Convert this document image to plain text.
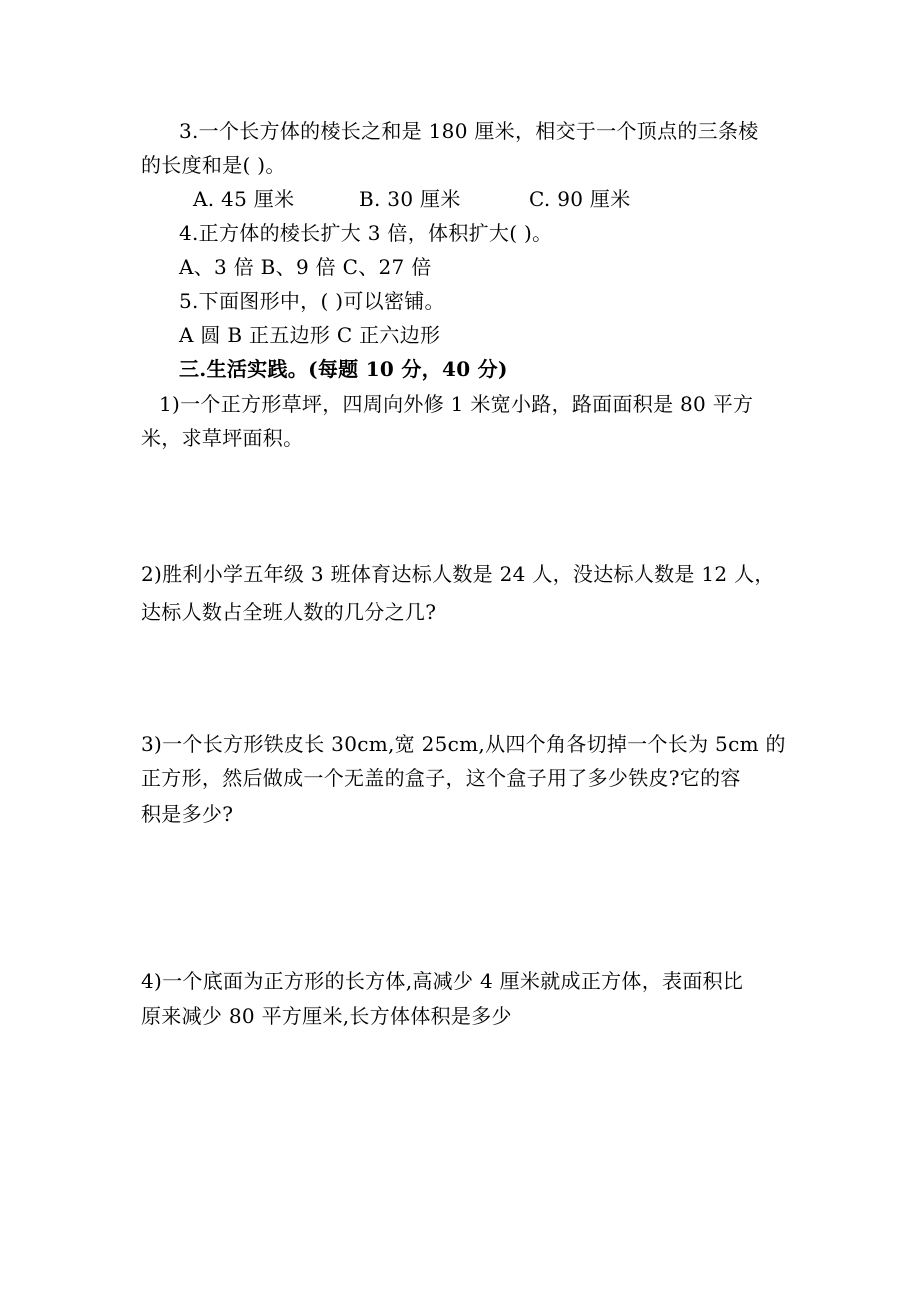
3.一个长方体的棱长之和是 180 厘米，相交于一个顶点的三条棱
的长度和是( )。
A. 45 厘米	B. 30 厘米	C. 90 厘米
4.正方体的棱长扩大 3 倍，体积扩大( )。
A、3 倍 B、9 倍 C、27 倍
5.下面图形中，( )可以密铺。
A 圆 B 正五边形 C 正六边形
三.生活实践。(每题 10 分，40 分)
1)一个正方形草坪，四周向外修 1 米宽小路，路面面积是 80 平方
米，求草坪面积。
2)胜利小学五年级 3 班体育达标人数是 24 人，没达标人数是 12 人，
达标人数占全班人数的几分之几?
3)一个长方形铁皮长 30cm,宽 25cm,从四个角各切掉一个长为 5cm 的
正方形，然后做成一个无盖的盒子，这个盒子用了多少铁皮?它的容
积是多少?
4)一个底面为正方形的长方体,高减少 4 厘米就成正方体，表面积比
原来减少 80 平方厘米,长方体体积是多少
